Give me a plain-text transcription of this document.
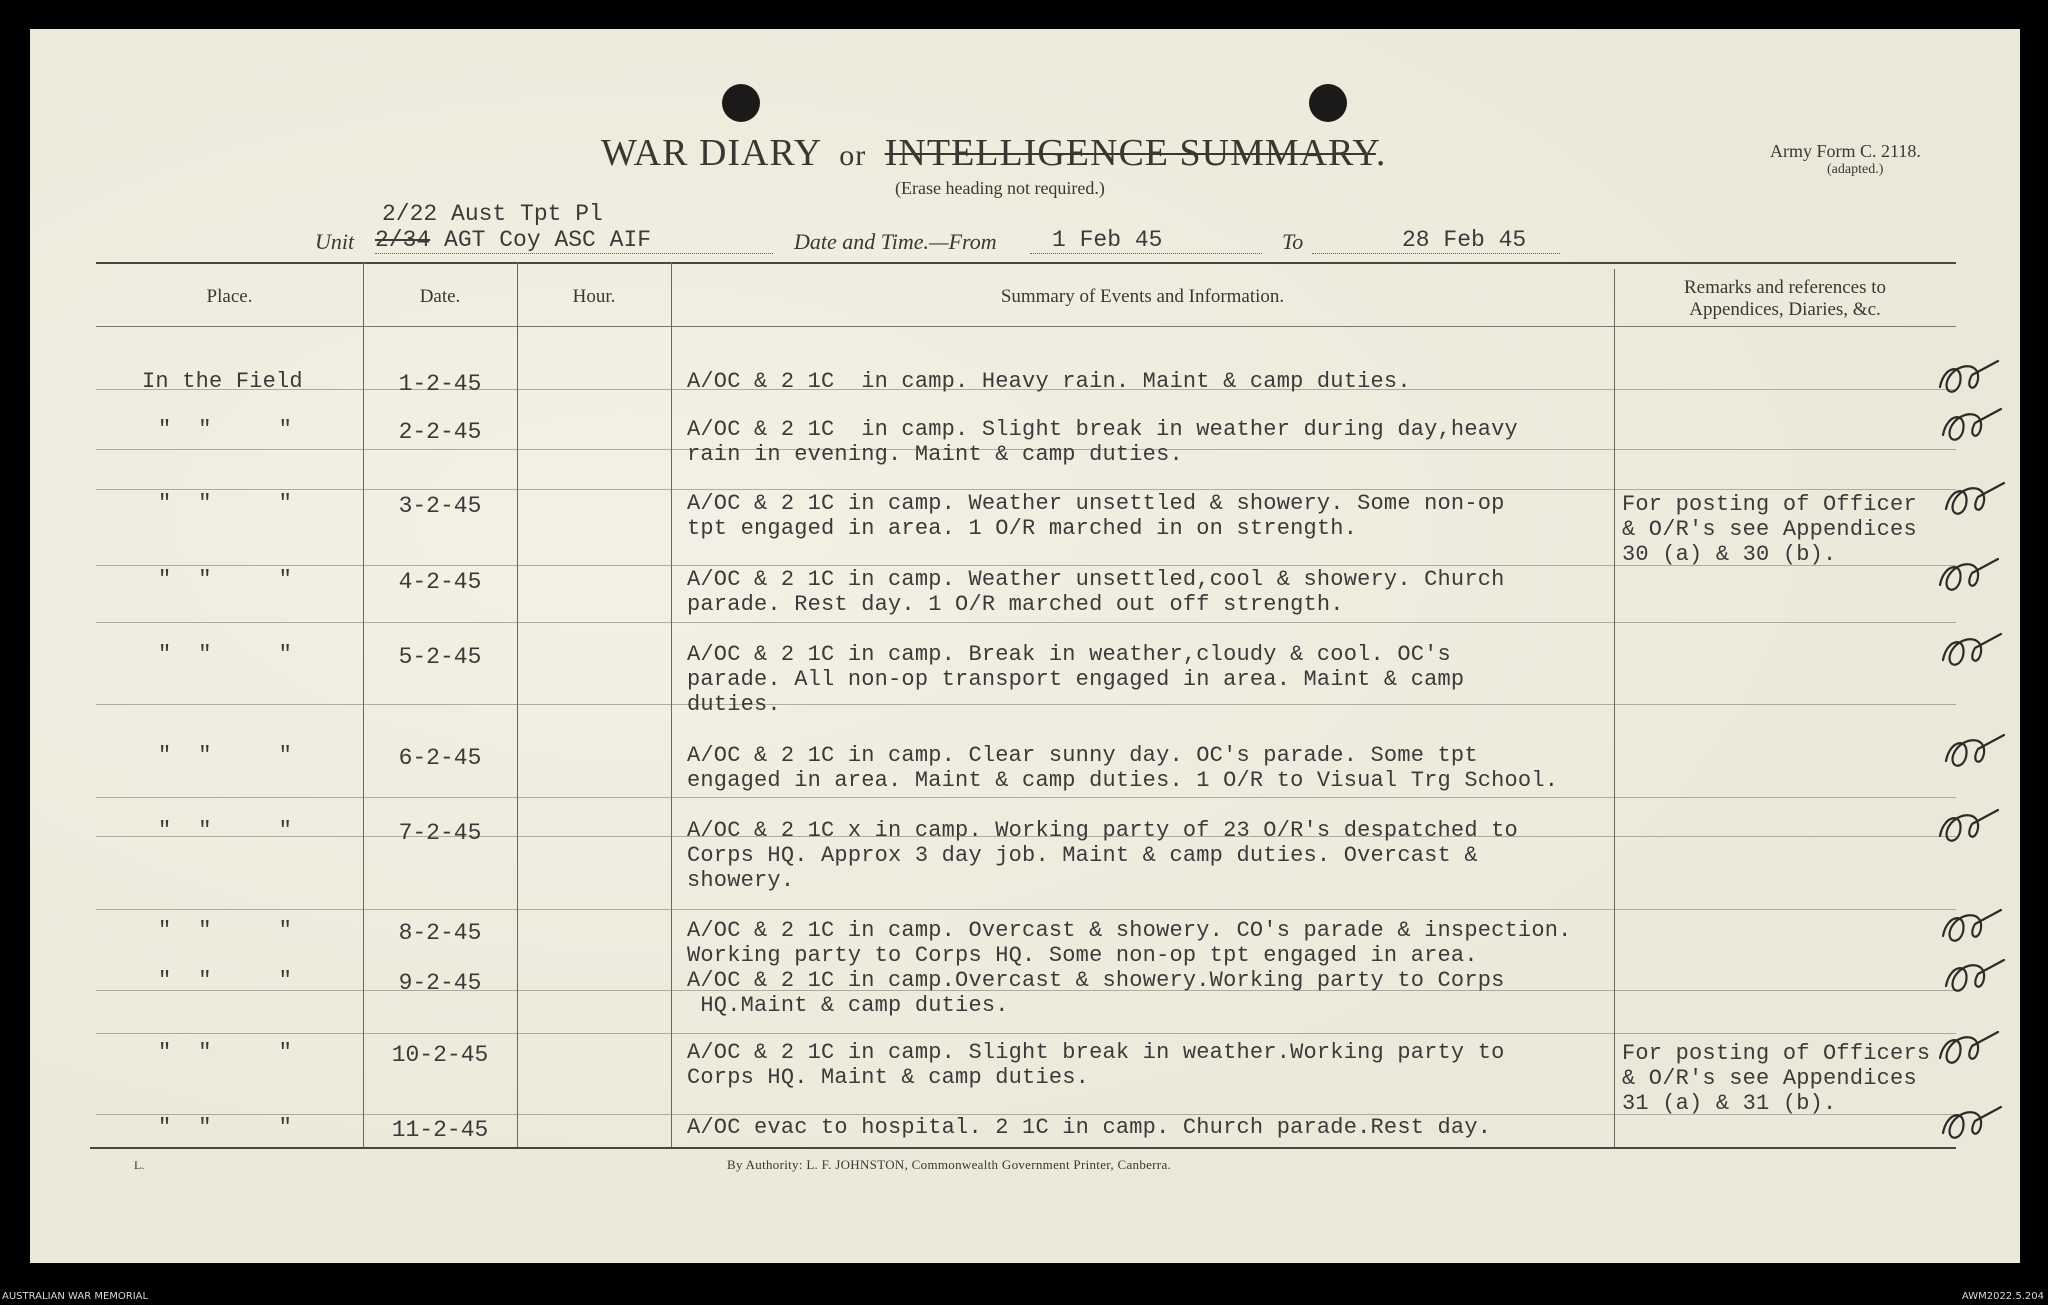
WAR DIARY or INTELLIGENCE SUMMARY.
(Erase heading not required.)
Army Form C. 2118.
(adapted.)
2/22 Aust Tpt Pl
Unit 2/34 AGT Coy ASC AIF	Date and Time.—From	1 Feb 45	To	28 Feb 45
Place.	Date.	Hour.	Summary of Events and Information.	Remarks and references to
Appendices, Diaries, &c.
In the Field	1-2-45	A/OC & 2 1C  in camp. Heavy rain. Maint & camp duties.
"  "     "	2-2-45	A/OC & 2 1C  in camp. Slight break in weather during day,heavy
rain in evening. Maint & camp duties.
"  "     "	3-2-45	A/OC & 2 1C in camp. Weather unsettled & showery. Some non-op
tpt engaged in area. 1 O/R marched in on strength.
For posting of Officer
& O/R's see Appendices
30 (a) & 30 (b).
"  "     "	4-2-45	A/OC & 2 1C in camp. Weather unsettled,cool & showery. Church
parade. Rest day. 1 O/R marched out off strength.
"  "     "	5-2-45	A/OC & 2 1C in camp. Break in weather,cloudy & cool. OC's
parade. All non-op transport engaged in area. Maint & camp
duties.
"  "     "	6-2-45	A/OC & 2 1C in camp. Clear sunny day. OC's parade. Some tpt
engaged in area. Maint & camp duties. 1 O/R to Visual Trg School.
"  "     "	7-2-45	A/OC & 2 1C x in camp. Working party of 23 O/R's despatched to
Corps HQ. Approx 3 day job. Maint & camp duties. Overcast &
showery.
"  "     "	8-2-45	A/OC & 2 1C in camp. Overcast & showery. CO's parade & inspection.
Working party to Corps HQ. Some non-op tpt engaged in area.
"  "     "	9-2-45	A/OC & 2 1C in camp.Overcast & showery.Working party to Corps
HQ.Maint & camp duties.
"  "     "	10-2-45	A/OC & 2 1C in camp. Slight break in weather.Working party to
Corps HQ. Maint & camp duties.
For posting of Officers
& O/R's see Appendices
31 (a) & 31 (b).
"  "     "	11-2-45	A/OC evac to hospital. 2 1C in camp. Church parade.Rest day.
L.	By Authority: L. F. JOHNSTON, Commonwealth Government Printer, Canberra.
AUSTRALIAN WAR MEMORIAL	AWM2022.5.204
